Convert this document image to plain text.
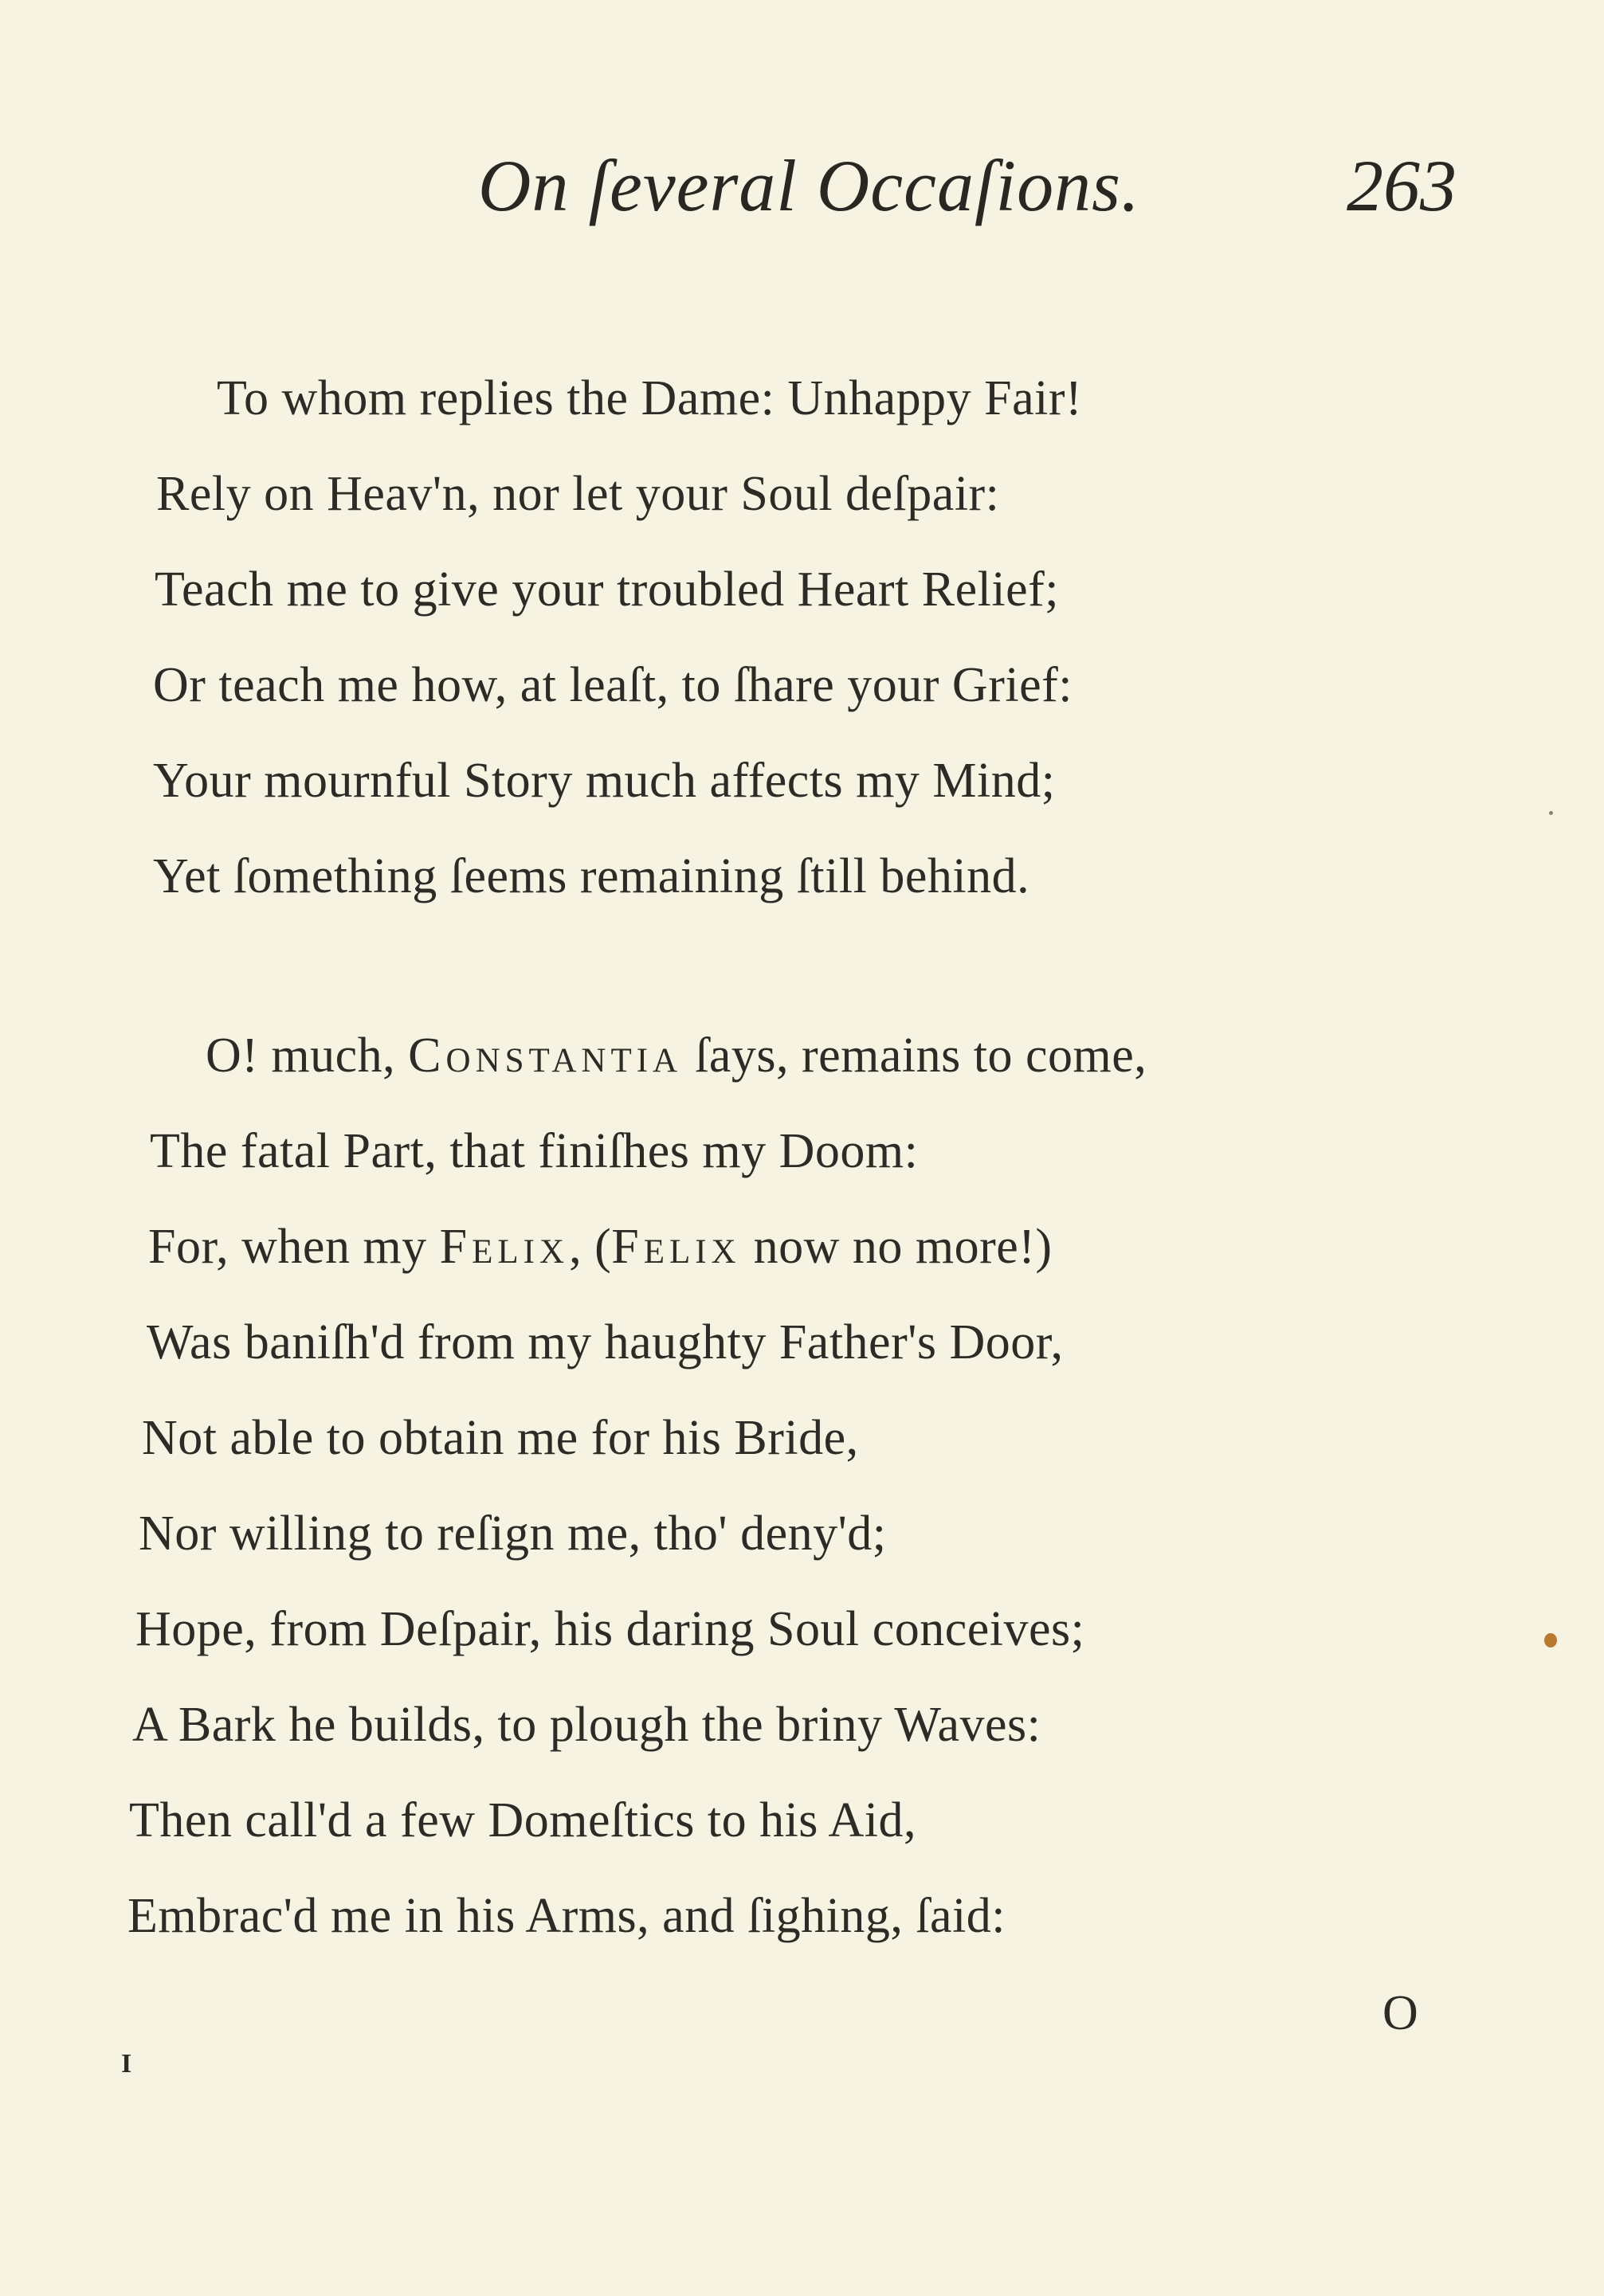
On ſeveral Occaſions.	263
To whom replies the Dame: Unhappy Fair!
Rely on Heav'n, nor let your Soul deſpair:
Teach me to give your troubled Heart Relief;
Or teach me how, at leaſt, to ſhare your Grief:
Your mournful Story much affects my Mind;
Yet ſomething ſeems remaining ſtill behind.
O! much, Constantia ſays, remains to come,
The fatal Part, that finiſhes my Doom:
For, when my Felix, (Felix now no more!)
Was baniſh'd from my haughty Father's Door,
Not able to obtain me for his Bride,
Nor willing to reſign me, tho' deny'd;
Hope, from Deſpair, his daring Soul conceives;
A Bark he builds, to plough the briny Waves:
Then call'd a few Domeſtics to his Aid,
Embrac'd me in his Arms, and ſighing, ſaid:
O
I
